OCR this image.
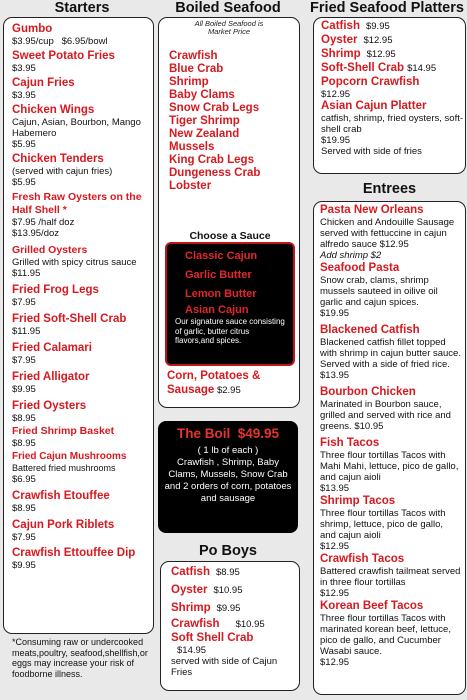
Starters	Boiled Seafood	Fried Seafood Platters
Gumbo
$3.95/cup   $6.95/bowl
Sweet Potato Fries
$3.95
Cajun Fries
$3.95
Chicken Wings
Cajun, Asian, Bourbon, Mango Habemero
$5.95
Chicken Tenders
(served with cajun fries)
$5.95
Fresh Raw Oysters on the Half Shell *
$7.95 /half doz
$13.95/doz
Grilled Oysters
Grilled with spicy citrus sauce $11.95
Fried Frog Legs
$7.95
Fried Soft-Shell Crab
$11.95
Fried Calamari
$7.95
Fried Alligator
$9.95
Fried Oysters
$8.95
Fried Shrimp Basket
$8.95
Fried Cajun Mushrooms
Battered fried mushrooms
$6.95
Crawfish Etouffee
$8.95
Cajun Pork Riblets
$7.95
Crawfish Ettouffee Dip
$9.95
*Consuming raw or undercooked meats,poultry, seafood,shellfish,or eggs may increase your risk of foodborne illness.
All Boiled Seafood is Market Price
Crawfish
Blue Crab
Shrimp
Baby Clams
Snow Crab Legs
Tiger Shrimp
New Zealand
Mussels
King Crab Legs
Dungeness Crab
Lobster
Corn, Potatoes & Sausage $2.95
Choose a Sauce
Classic Cajun
Garlic Butter
Lemon Butter
Asian Cajun
Our signature sauce consisting of garlic, butter citrus flavors,and spices.
The Boil  $49.95
( 1 lb of each )
Crawfish , Shrimp, Baby Clams, Mussels, Snow Crab and 2 orders of corn, potatoes and sausage
Po Boys
Catfish $8.95
Oyster $10.95
Shrimp $9.95
Crawfish $10.95
Soft Shell Crab
$14.95
served with side of Cajun Fries
Catfish $9.95
Oyster $12.95
Shrimp $12.95
Soft-Shell Crab $14.95
Popcorn Crawfish
$12.95
Asian Cajun Platter
catfish, shrimp, fried oysters, soft-shell crab
$19.95
Served with side of fries
Entrees
Pasta New Orleans
Chicken and Andouille Sausage served with fettuccine in cajun alfredo sauce $12.95
Add shrimp $2
Seafood Pasta
Snow crab, clams, shrimp mussels sauteed in oilive oil garlic and cajun spices.
$19.95
Blackened Catfish
Blackened catfish fillet topped with shrimp in cajun butter sauce. Served with a side of fried rice. $13.95
Bourbon Chicken
Marinated in Bourbon sauce, grilled and served with rice and greens. $10.95
Fish Tacos
Three flour tortillas Tacos with Mahi Mahi, lettuce, pico de gallo, and cajun aioli
$13.95
Shrimp Tacos
Three flour tortillas Tacos with shrimp, lettuce, pico de gallo, and cajun aioli
$12.95
Crawfish Tacos
Battered crawfish tailmeat served in three flour tortillas
$12.95
Korean Beef Tacos
Three flour tortillas Tacos with marinated korean beef, lettuce, pico de gallo, and Cucumber Wasabi sauce.
$12.95
